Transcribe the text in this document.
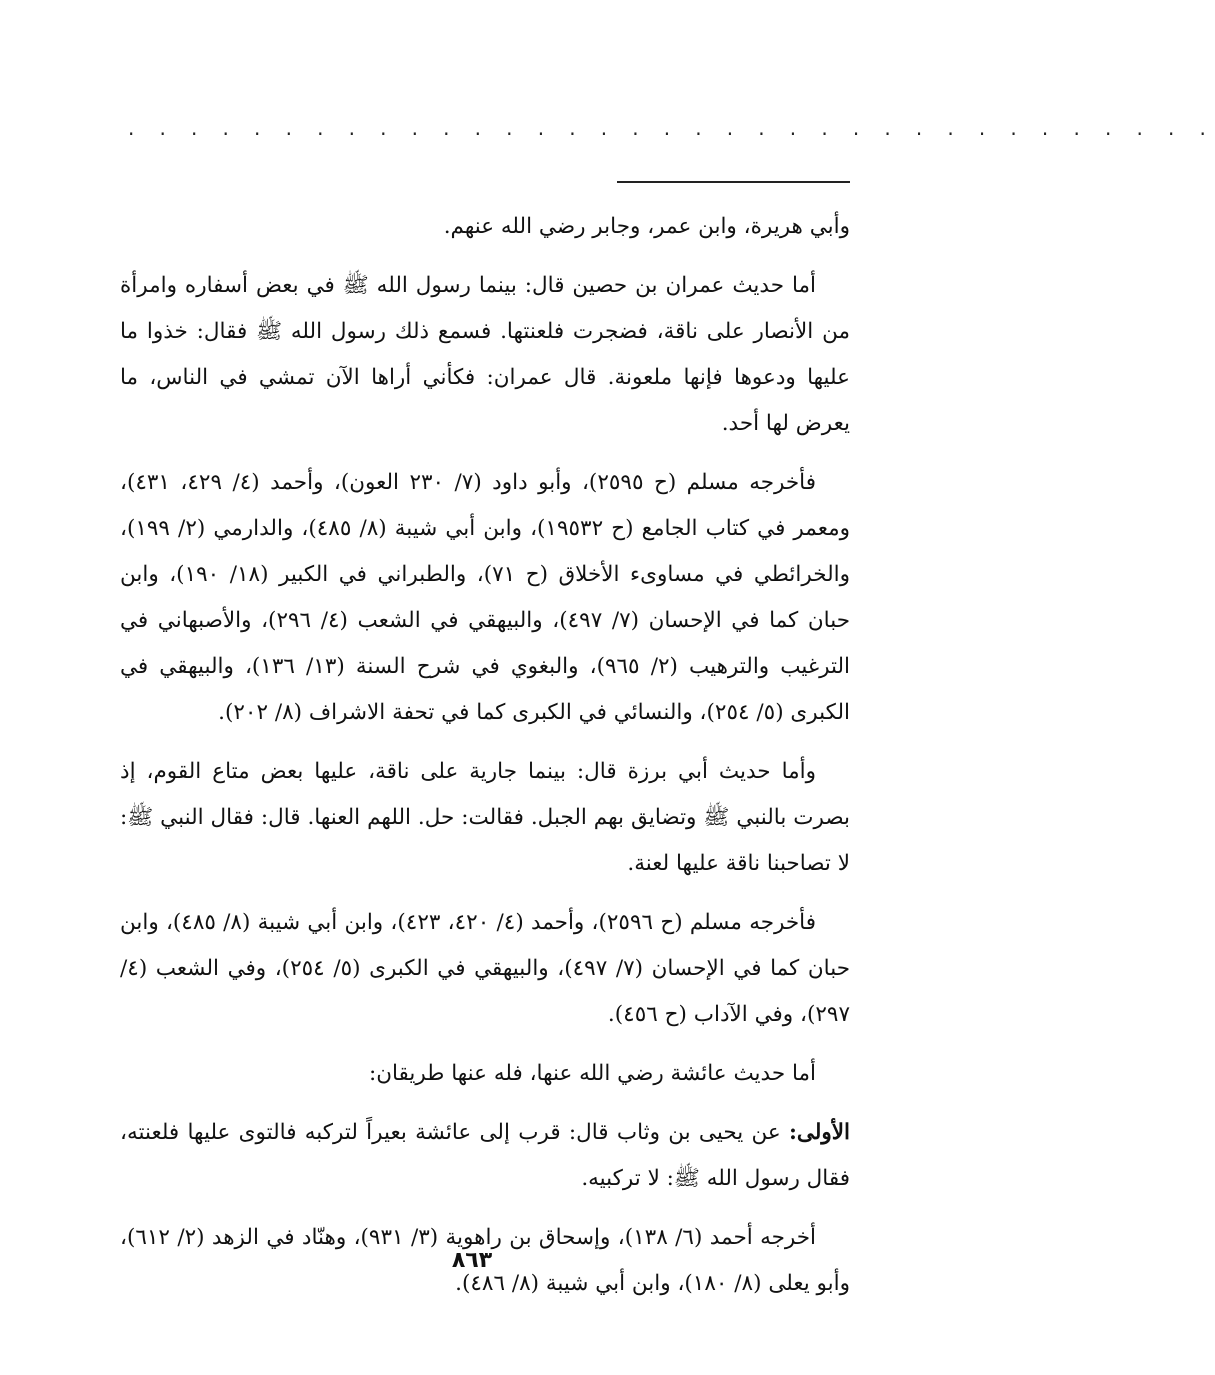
. . . . . . . . . . . . . . . . . . . . . . . . . . . . . . . . . . .

وأبي هريرة، وابن عمر، وجابر رضي الله عنهم.

أما حديث عمران بن حصين قال: بينما رسول الله ﷺ في بعض أسفاره وامرأة من الأنصار على ناقة، فضجرت فلعنتها. فسمع ذلك رسول الله ﷺ فقال: خذوا ما عليها ودعوها فإنها ملعونة. قال عمران: فكأني أراها الآن تمشي في الناس، ما يعرض لها أحد.

فأخرجه مسلم (ح ٢٥٩٥)، وأبو داود (٧/ ٢٣٠ العون)، وأحمد (٤/ ٤٢٩، ٤٣١)، ومعمر في كتاب الجامع (ح ١٩٥٣٢)، وابن أبي شيبة (٨/ ٤٨٥)، والدارمي (٢/ ١٩٩)، والخرائطي في مساوىء الأخلاق (ح ٧١)، والطبراني في الكبير (١٨/ ١٩٠)، وابن حبان كما في الإحسان (٧/ ٤٩٧)، والبيهقي في الشعب (٤/ ٢٩٦)، والأصبهاني في الترغيب والترهيب (٢/ ٩٦٥)، والبغوي في شرح السنة (١٣/ ١٣٦)، والبيهقي في الكبرى (٥/ ٢٥٤)، والنسائي في الكبرى كما في تحفة الاشراف (٨/ ٢٠٢).

وأما حديث أبي برزة قال: بينما جارية على ناقة، عليها بعض متاع القوم، إذ بصرت بالنبي ﷺ وتضايق بهم الجبل. فقالت: حل. اللهم العنها. قال: فقال النبي ﷺ: لا تصاحبنا ناقة عليها لعنة.

فأخرجه مسلم (ح ٢٥٩٦)، وأحمد (٤/ ٤٢٠، ٤٢٣)، وابن أبي شيبة (٨/ ٤٨٥)، وابن حبان كما في الإحسان (٧/ ٤٩٧)، والبيهقي في الكبرى (٥/ ٢٥٤)، وفي الشعب (٤/ ٢٩٧)، وفي الآداب (ح ٤٥٦).

أما حديث عائشة رضي الله عنها، فله عنها طريقان:

الأولى: عن يحيى بن وثاب قال: قرب إلى عائشة بعيراً لتركبه فالتوى عليها فلعنته، فقال رسول الله ﷺ: لا تركبيه.

أخرجه أحمد (٦/ ١٣٨)، وإسحاق بن راهوية (٣/ ٩٣١)، وهنّاد في الزهد (٢/ ٦١٢)، وأبو يعلى (٨/ ١٨٠)، وابن أبي شيبة (٨/ ٤٨٦).

٨٦٣
